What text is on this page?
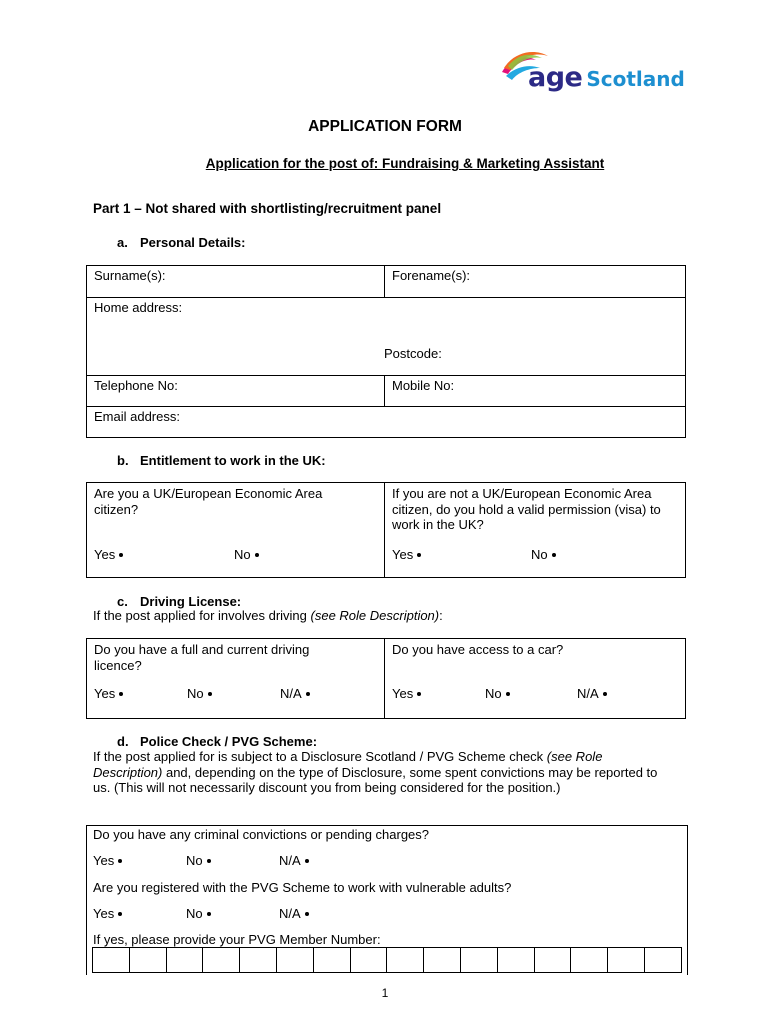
age Scotland
APPLICATION FORM
Application for the post of: Fundraising & Marketing Assistant
Part 1 – Not shared with shortlisting/recruitment panel
a. Personal Details:
Surname(s):	Forename(s):

Home address:
Postcode:	

Telephone No:	Mobile No:

Email address:	
b. Entitlement to work in the UK:
Are you a UK/European Economic Area citizen?
Yes	No

If you are not a UK/European Economic Area citizen, do you hold a valid permission (visa) to work in the UK?
Yes	No
c. Driving License:
If the post applied for involves driving (see Role Description):
Do you have a full and current driving licence?
Yes	No	N/A

Do you have access to a car?
Yes	No	N/A
d. Police Check / PVG Scheme:
If the post applied for is subject to a Disclosure Scotland / PVG Scheme check (see Role Description) and, depending on the type of Disclosure, some spent convictions may be reported to us. (This will not necessarily discount you from being considered for the position.)
Do you have any criminal convictions or pending charges?
Yes	No	N/A
Are you registered with the PVG Scheme to work with vulnerable adults?
Yes	No	N/A
If yes, please provide your PVG Member Number:

1
